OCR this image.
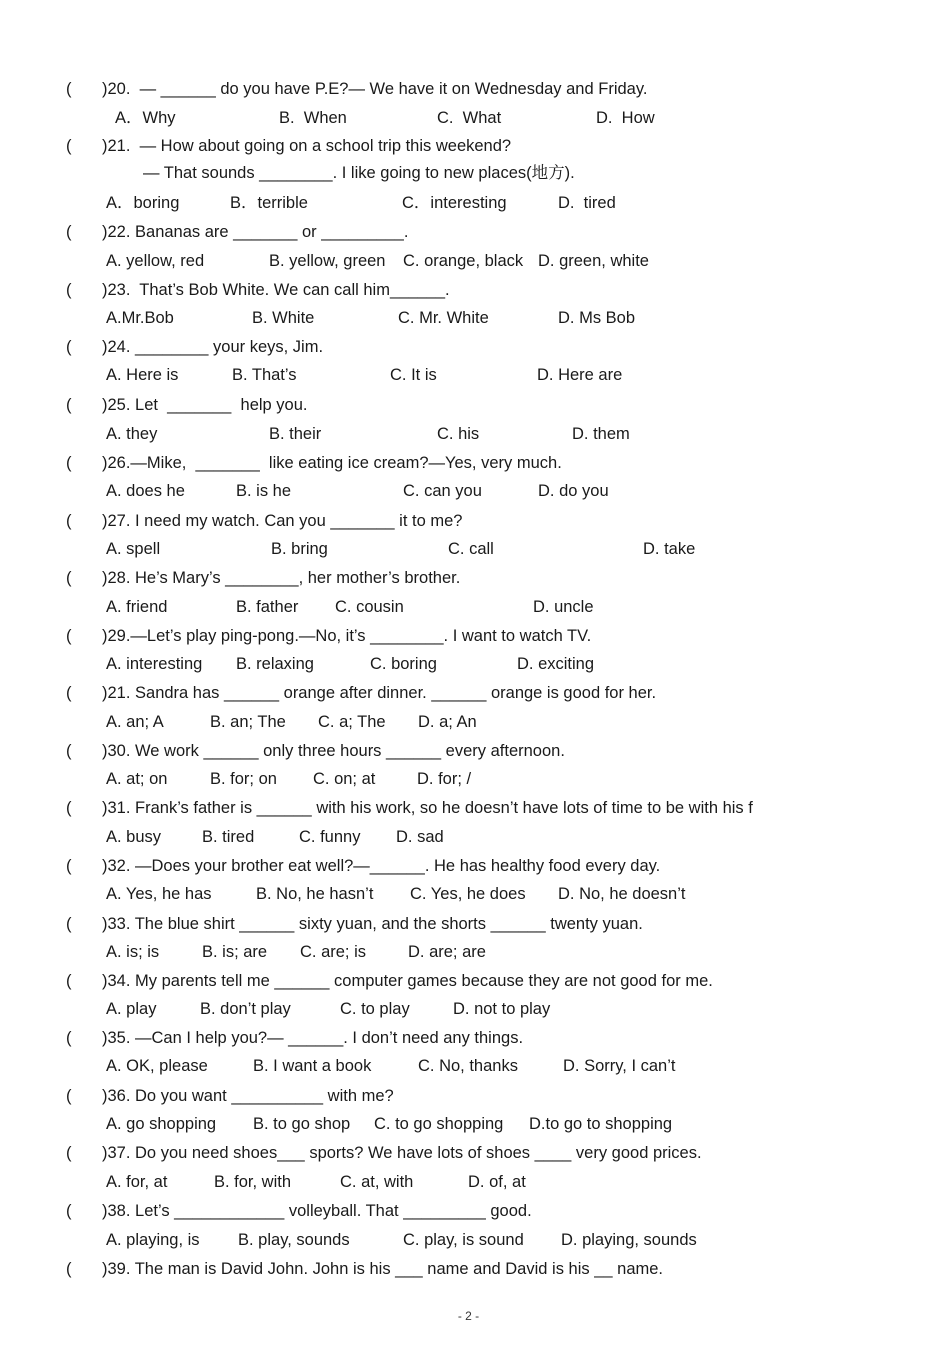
(

)20.  — ______ do you have P.E?— We have it on Wednesday and Friday.

A．Why

	B.  When

	C.  What

	D.  How

(

)21.  — How about going on a school trip this weekend?

— That sounds ________. I like going to new places(地方).

A．boring

	B．terrible

	C．interesting

	D.  tired

(

)22. Bananas are _______ or _________.

A. yellow, red

	B. yellow, green

C. orange, black

D. green, white

(

)23.  That’s Bob White. We can call him______.

A.Mr.Bob

	B. White

	C. Mr. White

	D. Ms Bob

(

)24. ________ your keys, Jim.

A. Here is

	B. That’s

	C. It is

	D. Here are

(

)25. Let  _______  help you.

A. they

	B. their

	C. his

	D. them

(

)26.—Mike,  _______  like eating ice cream?—Yes, very much.

A. does he

	B. is he

	C. can you

	D. do you

(

)27. I need my watch. Can you _______ it to me?

A. spell

	B. bring

	C. call

	D. take

(

)28. He’s Mary’s ________, her mother’s brother.

A. friend

	B. father

C. cousin

	D. uncle

(

)29.—Let’s play ping-pong.—No, it’s ________. I want to watch TV.

A. interesting

B. relaxing

	C. boring

	D. exciting

(

)21. Sandra has ______ orange after dinner. ______ orange is good for her.

A. an; A

	B. an; The

C. a; The

D. a; An

(

)30. We work ______ only three hours ______ every afternoon.

A. at; on

	B. for; on

C. on; at

	D. for; /

(

)31. Frank’s father is ______ with his work, so he doesn’t have lots of time to be with his f

A. busy

B. tired

	C. funny

D. sad

(

)32. —Does your brother eat well?—______. He has healthy food every day.

A. Yes, he has

	B. No, he hasn’t

C. Yes, he does

D. No, he doesn’t

(

)33. The blue shirt ______ sixty yuan, and the shorts ______ twenty yuan.

A. is; is

	B. is; are

C. are; is

	D. are; are

(

)34. My parents tell me ______ computer games because they are not good for me.

A. play

	B. don’t play

	C. to play

	D. not to play

(

)35. —Can I help you?— ______. I don’t need any things.

A. OK, please

	B. I want a book

	C. No, thanks

	D. Sorry, I can’t

(

)36. Do you want __________ with me?

A. go shopping

B. to go shop

C. to go shopping

D.to go to shopping

(

)37. Do you need shoes___ sports? We have lots of shoes ____ very good prices.

A. for, at

	B. for, with

	C. at, with

	D. of, at

(

)38. Let’s ____________ volleyball. That _________ good.

A. playing, is

B. play, sounds

	C. play, is sound

D. playing, sounds

(

)39. The man is David John. John is his ___ name and David is his __ name.

- 2 -
